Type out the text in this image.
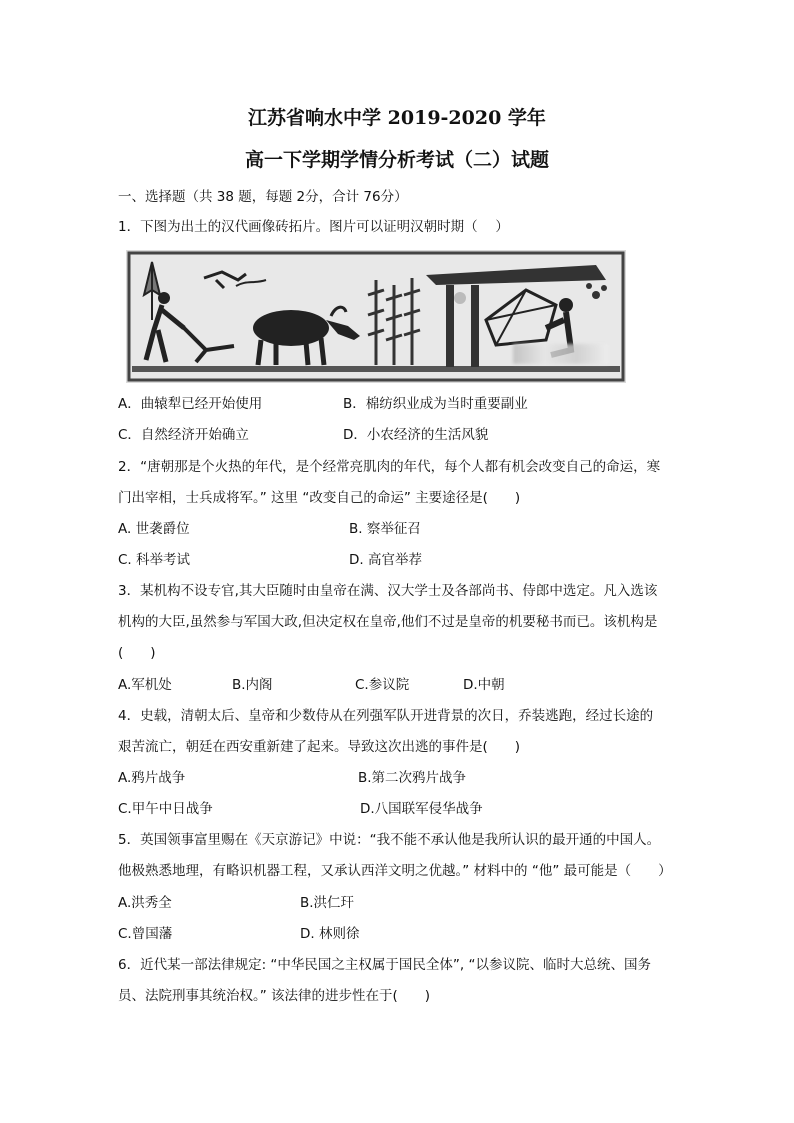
江苏省响水中学 2019-2020 学年
高一下学期学情分析考试（二）试题
一、选择题（共 38 题，每题 2分，合计 76分）
1．下图为出土的汉代画像砖拓片。图片可以证明汉朝时期（　 ）
A．曲辕犁已经开始使用	B．棉纺织业成为当时重要副业
C．自然经济开始确立	D．小农经济的生活风貌
2．“唐朝那是个火热的年代，是个经常亮肌肉的年代，每个人都有机会改变自己的命运，寒
门出宰相，士兵成将军。” 这里 “改变自己的命运” 主要途径是(　　)
A. 世袭爵位	B. 察举征召
C. 科举考试	D. 高官举荐
3．某机构不设专官,其大臣随时由皇帝在满、汉大学士及各部尚书、侍郎中选定。凡入选该
机构的大臣,虽然参与军国大政,但决定权在皇帝,他们不过是皇帝的机要秘书而已。该机构是
(　　)
A.军机处	B.内阁	C.参议院	D.中朝
4．史载，清朝太后、皇帝和少数侍从在列强军队开进背景的次日，乔装逃跑，经过长途的
艰苦流亡，朝廷在西安重新建了起来。导致这次出逃的事件是(　　)
A.鸦片战争	B.第二次鸦片战争
C.甲午中日战争	D.八国联军侵华战争
5．英国领事富里赐在《天京游记》中说：“我不能不承认他是我所认识的最开通的中国人。
他极熟悉地理，有略识机器工程，又承认西洋文明之优越。” 材料中的 “他” 最可能是（　　）
A.洪秀全	B.洪仁玕
C.曾国藩	D. 林则徐
6．近代某一部法律规定: “中华民国之主权属于国民全体”, “以参议院、临时大总统、国务
员、法院刑事其统治权。” 该法律的进步性在于(　　)
